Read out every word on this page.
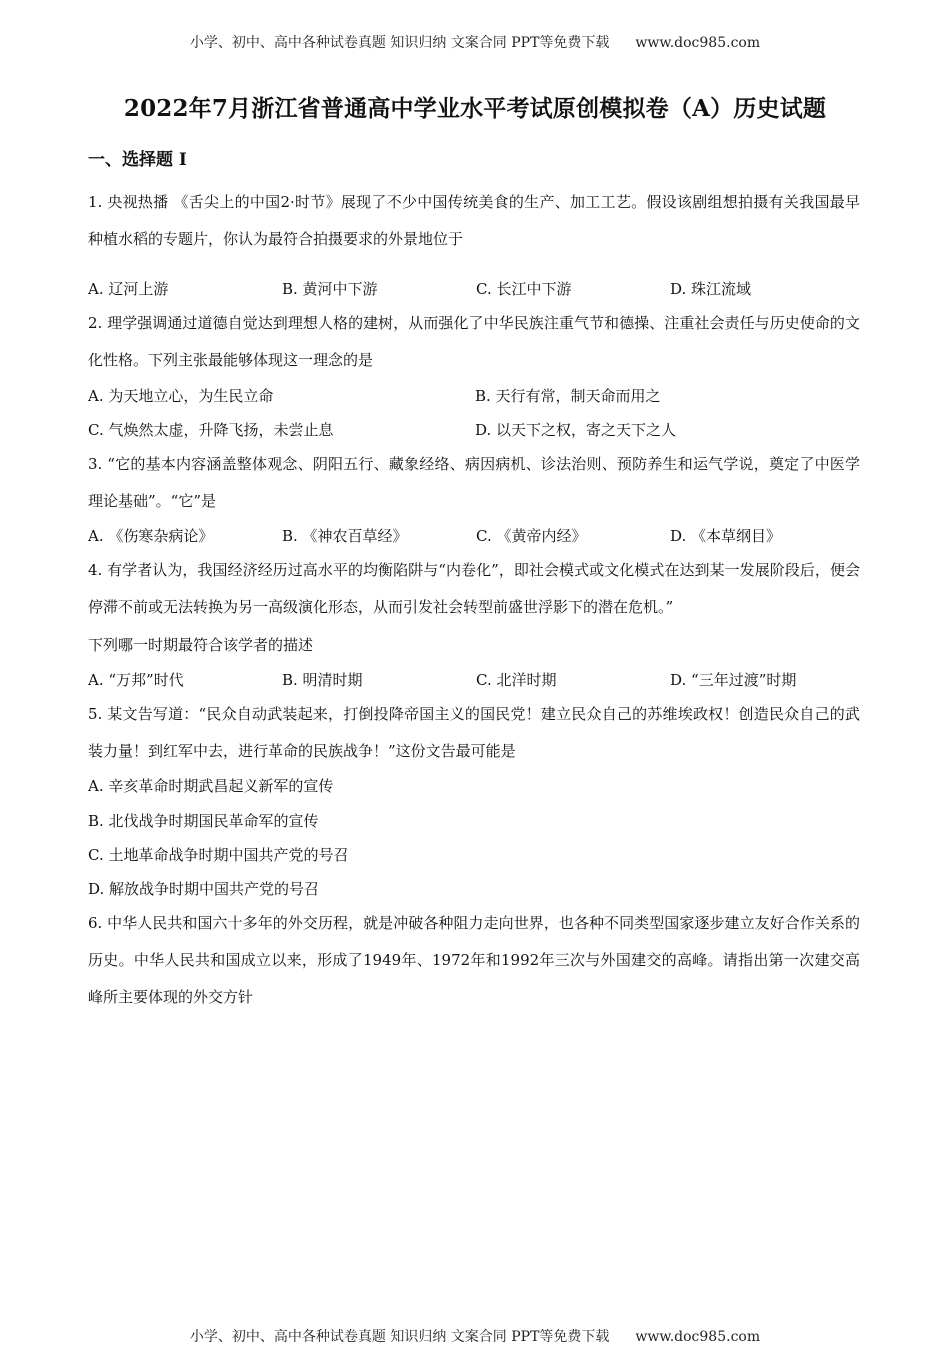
小学、初中、高中各种试卷真题 知识归纳 文案合同 PPT等免费下载 www.doc985.com
2022年7月浙江省普通高中学业水平考试原创模拟卷（A）历史试题
一、选择题 I

1. 央视热播 《舌尖上的中国2·时节》展现了不少中国传统美食的生产、加工工艺。假设该剧组想拍摄有关我国最早种植水稻的专题片，你认为最符合拍摄要求的外景地位于

A. 辽河上游	B. 黄河中下游	C. 长江中下游	D. 珠江流域

2. 理学强调通过道德自觉达到理想人格的建树，从而强化了中华民族注重气节和德操、注重社会责任与历史使命的文化性格。下列主张最能够体现这一理念的是

A. 为天地立心，为生民立命	B. 天行有常，制天命而用之
C. 气焕然太虚，升降飞扬，未尝止息	D. 以天下之权，寄之天下之人

3. “它的基本内容涵盖整体观念、阴阳五行、藏象经络、病因病机、诊法治则、预防养生和运气学说，奠定了中医学理论基础”。“它”是

A. 《伤寒杂病论》	B. 《神农百草经》	C. 《黄帝内经》	D. 《本草纲目》

4. 有学者认为，我国经济经历过高水平的均衡陷阱与“内卷化”，即社会模式或文化模式在达到某一发展阶段后，便会停滞不前或无法转换为另一高级演化形态，从而引发社会转型前盛世浮影下的潜在危机。”

下列哪一时期最符合该学者的描述

A. “万邦”时代	B. 明清时期	C. 北洋时期	D. “三年过渡”时期

5. 某文告写道：“民众自动武装起来，打倒投降帝国主义的国民党！建立民众自己的苏维埃政权！创造民众自己的武装力量！到红军中去，进行革命的民族战争！”这份文告最可能是

A. 辛亥革命时期武昌起义新军的宣传
B. 北伐战争时期国民革命军的宣传
C. 土地革命战争时期中国共产党的号召
D. 解放战争时期中国共产党的号召

6. 中华人民共和国六十多年的外交历程，就是冲破各种阻力走向世界，也各种不同类型国家逐步建立友好合作关系的历史。中华人民共和国成立以来，形成了1949年、1972年和1992年三次与外国建交的高峰。请指出第一次建交高峰所主要体现的外交方针

小学、初中、高中各种试卷真题 知识归纳 文案合同 PPT等免费下载 www.doc985.com
